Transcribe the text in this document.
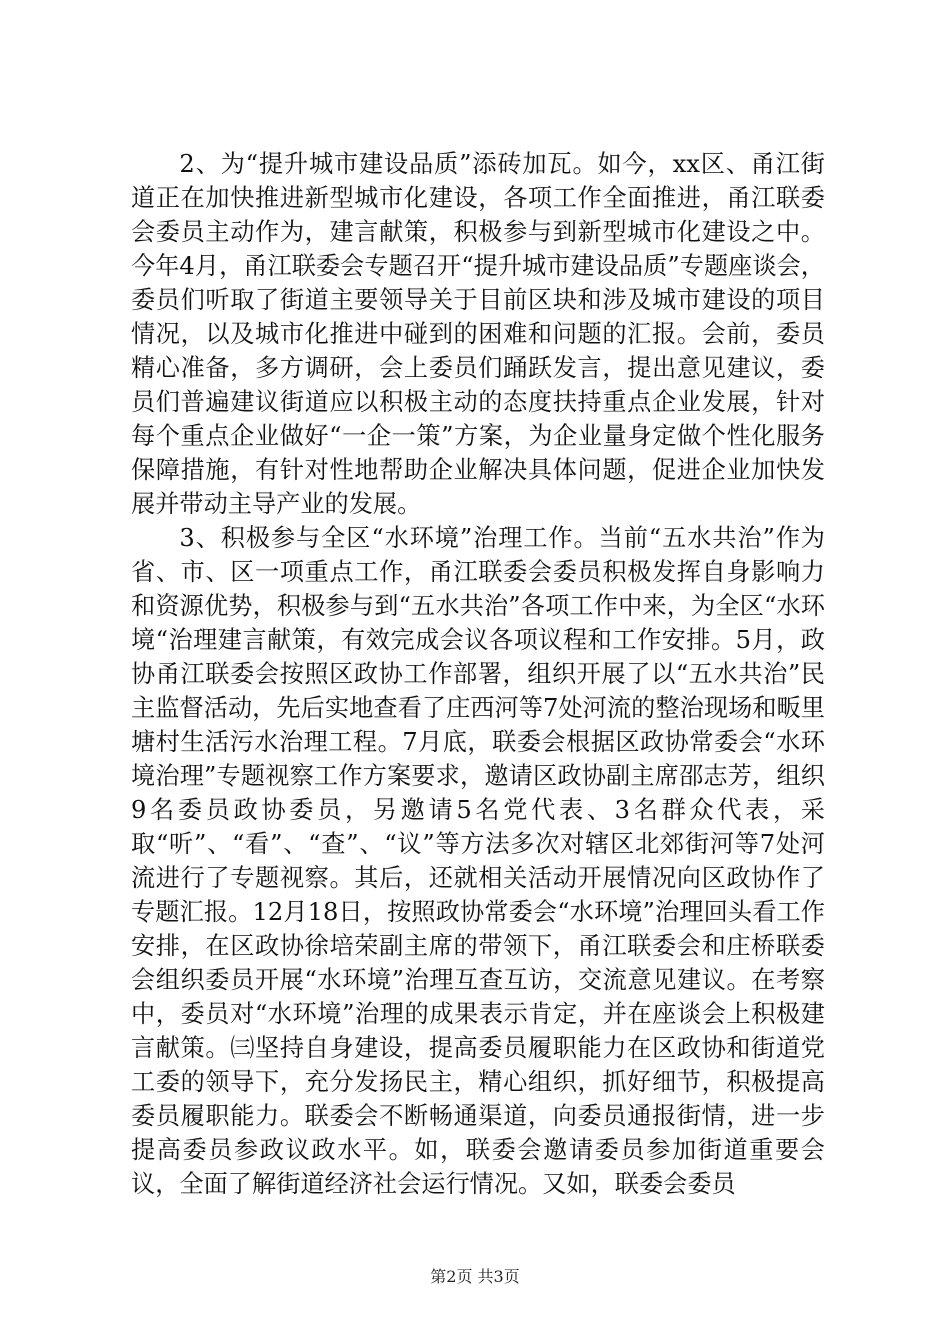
2、为“提升城市建设品质”添砖加瓦。如今，xx区、甬江街道正在加快推进新型城市化建设，各项工作全面推进，甬江联委会委员主动作为，建言献策，积极参与到新型城市化建设之中。今年4月，甬江联委会专题召开“提升城市建设品质”专题座谈会，委员们听取了街道主要领导关于目前区块和涉及城市建设的项目情况，以及城市化推进中碰到的困难和问题的汇报。会前，委员精心准备，多方调研，会上委员们踊跃发言，提出意见建议，委员们普遍建议街道应以积极主动的态度扶持重点企业发展，针对每个重点企业做好“一企一策”方案，为企业量身定做个性化服务保障措施，有针对性地帮助企业解决具体问题，促进企业加快发展并带动主导产业的发展。

3、积极参与全区“水环境”治理工作。当前“五水共治”作为省、市、区一项重点工作，甬江联委会委员积极发挥自身影响力和资源优势，积极参与到“五水共治”各项工作中来，为全区“水环境“治理建言献策，有效完成会议各项议程和工作安排。5月，政协甬江联委会按照区政协工作部署，组织开展了以“五水共治”民主监督活动，先后实地查看了庄西河等7处河流的整治现场和畈里塘村生活污水治理工程。7月底，联委会根据区政协常委会“水环境治理”专题视察工作方案要求，邀请区政协副主席邵志芳，组织9名委员政协委员，另邀请5名党代表、3名群众代表，采取“听”、“看”、“查”、“议”等方法多次对辖区北郊街河等7处河流进行了专题视察。其后，还就相关活动开展情况向区政协作了专题汇报。12月18日，按照政协常委会“水环境”治理回头看工作安排，在区政协徐培荣副主席的带领下，甬江联委会和庄桥联委会组织委员开展“水环境”治理互查互访，交流意见建议。在考察中，委员对“水环境”治理的成果表示肯定，并在座谈会上积极建言献策。㈢坚持自身建设，提高委员履职能力在区政协和街道党工委的领导下，充分发扬民主，精心组织，抓好细节，积极提高委员履职能力。联委会不断畅通渠道，向委员通报街情，进一步提高委员参政议政水平。如，联委会邀请委员参加街道重要会议，全面了解街道经济社会运行情况。又如，联委会委员

第2页 共3页
